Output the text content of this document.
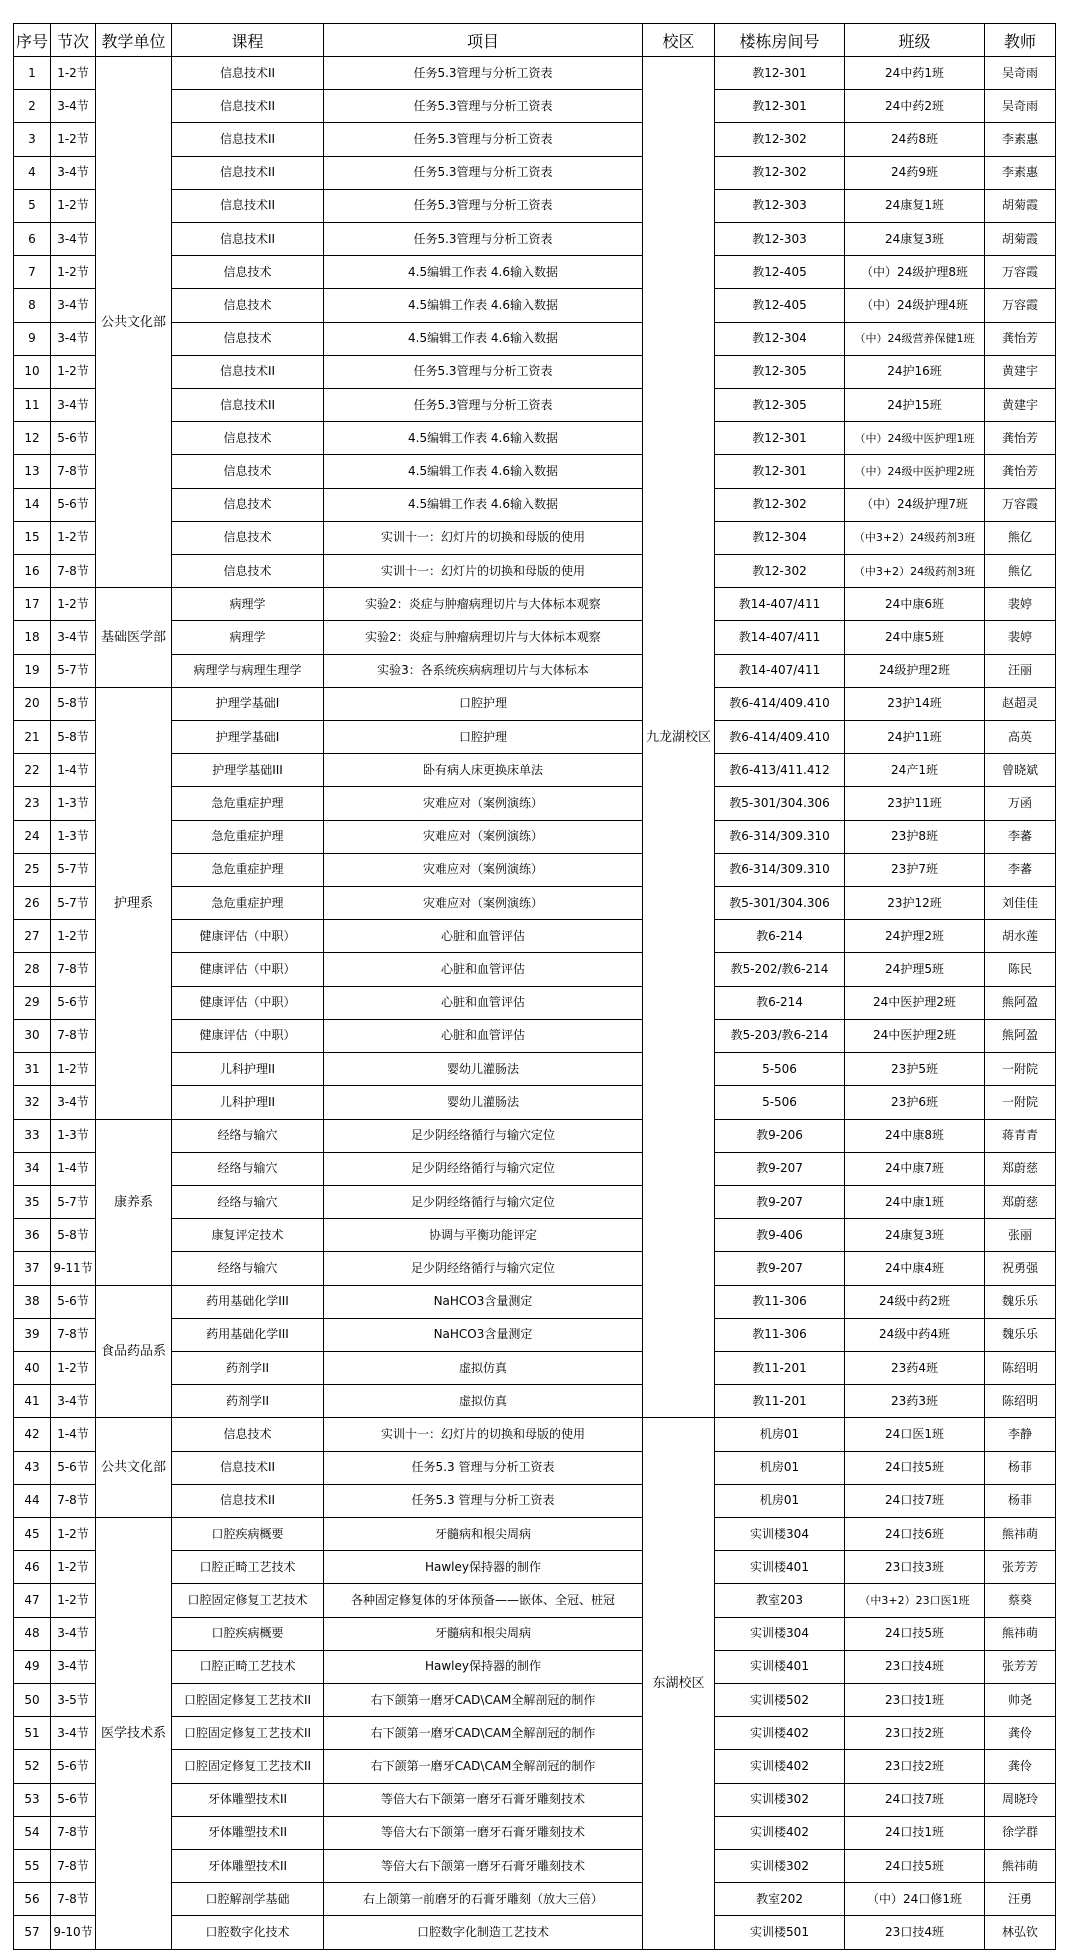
序号	节次	教学单位	课程	项目	校区	楼栋房间号	班级	教师
1	1-2节	公共文化部	信息技术II	任务5.3管理与分析工资表	九龙湖校区	教12-301	24中药1班	吴奇雨
2	3-4节		信息技术II	任务5.3管理与分析工资表		教12-301	24中药2班	吴奇雨
3	1-2节		信息技术II	任务5.3管理与分析工资表		教12-302	24药8班	李素惠
4	3-4节		信息技术II	任务5.3管理与分析工资表		教12-302	24药9班	李素惠
5	1-2节		信息技术II	任务5.3管理与分析工资表		教12-303	24康复1班	胡菊霞
6	3-4节		信息技术II	任务5.3管理与分析工资表		教12-303	24康复3班	胡菊霞
7	1-2节		信息技术	4.5编辑工作表 4.6输入数据		教12-405	（中）24级护理8班	万容霞
8	3-4节		信息技术	4.5编辑工作表 4.6输入数据		教12-405	（中）24级护理4班	万容霞
9	3-4节		信息技术	4.5编辑工作表 4.6输入数据		教12-304	（中）24级营养保健1班	龚怡芳
10	1-2节		信息技术II	任务5.3管理与分析工资表		教12-305	24护16班	黄建宇
11	3-4节		信息技术II	任务5.3管理与分析工资表		教12-305	24护15班	黄建宇
12	5-6节		信息技术	4.5编辑工作表 4.6输入数据		教12-301	（中）24级中医护理1班	龚怡芳
13	7-8节		信息技术	4.5编辑工作表 4.6输入数据		教12-301	（中）24级中医护理2班	龚怡芳
14	5-6节		信息技术	4.5编辑工作表 4.6输入数据		教12-302	（中）24级护理7班	万容霞
15	1-2节		信息技术	实训十一：幻灯片的切换和母版的使用		教12-304	（中3+2）24级药剂3班	熊亿
16	7-8节		信息技术	实训十一：幻灯片的切换和母版的使用		教12-302	（中3+2）24级药剂3班	熊亿
17	1-2节	基础医学部	病理学	实验2：炎症与肿瘤病理切片与大体标本观察		教14-407/411	24中康6班	裴婷
18	3-4节		病理学	实验2：炎症与肿瘤病理切片与大体标本观察		教14-407/411	24中康5班	裴婷
19	5-7节		病理学与病理生理学	实验3：各系统疾病病理切片与大体标本		教14-407/411	24级护理2班	汪丽
20	5-8节	护理系	护理学基础I	口腔护理		教6-414/409.410	23护14班	赵超灵
21	5-8节		护理学基础I	口腔护理		教6-414/409.410	24护11班	高英
22	1-4节		护理学基础III	卧有病人床更换床单法		教6-413/411.412	24产1班	曾晓斌
23	1-3节		急危重症护理	灾难应对（案例演练）		教5-301/304.306	23护11班	万函
24	1-3节		急危重症护理	灾难应对（案例演练）		教6-314/309.310	23护8班	李蕃
25	5-7节		急危重症护理	灾难应对（案例演练）		教6-314/309.310	23护7班	李蕃
26	5-7节		急危重症护理	灾难应对（案例演练）		教5-301/304.306	23护12班	刘佳佳
27	1-2节		健康评估（中职）	心脏和血管评估		教6-214	24护理2班	胡水莲
28	7-8节		健康评估（中职）	心脏和血管评估		教5-202/教6-214	24护理5班	陈民
29	5-6节		健康评估（中职）	心脏和血管评估		教6-214	24中医护理2班	熊阿盈
30	7-8节		健康评估（中职）	心脏和血管评估		教5-203/教6-214	24中医护理2班	熊阿盈
31	1-2节		儿科护理II	婴幼儿灌肠法		5-506	23护5班	一附院
32	3-4节		儿科护理II	婴幼儿灌肠法		5-506	23护6班	一附院
33	1-3节	康养系	经络与输穴	足少阴经络循行与输穴定位		教9-206	24中康8班	蒋青青
34	1-4节		经络与输穴	足少阴经络循行与输穴定位		教9-207	24中康7班	郑蔚慈
35	5-7节		经络与输穴	足少阴经络循行与输穴定位		教9-207	24中康1班	郑蔚慈
36	5-8节		康复评定技术	协调与平衡功能评定		教9-406	24康复3班	张丽
37	9-11节		经络与输穴	足少阴经络循行与输穴定位		教9-207	24中康4班	祝勇强
38	5-6节	食品药品系	药用基础化学III	NaHCO3含量测定		教11-306	24级中药2班	魏乐乐
39	7-8节		药用基础化学III	NaHCO3含量测定		教11-306	24级中药4班	魏乐乐
40	1-2节		药剂学II	虚拟仿真		教11-201	23药4班	陈绍明
41	3-4节		药剂学II	虚拟仿真		教11-201	23药3班	陈绍明
42	1-4节	公共文化部	信息技术	实训十一：幻灯片的切换和母版的使用	东湖校区	机房01	24口医1班	李静
43	5-6节		信息技术II	任务5.3 管理与分析工资表		机房01	24口技5班	杨菲
44	7-8节		信息技术II	任务5.3 管理与分析工资表		机房01	24口技7班	杨菲
45	1-2节	医学技术系	口腔疾病概要	牙髓病和根尖周病		实训楼304	24口技6班	熊祎萌
46	1-2节		口腔正畸工艺技术	Hawley保持器的制作		实训楼401	23口技3班	张芳芳
47	1-2节		口腔固定修复工艺技术	各种固定修复体的牙体预备——嵌体、全冠、桩冠		教室203	（中3+2）23口医1班	蔡葵
48	3-4节		口腔疾病概要	牙髓病和根尖周病		实训楼304	24口技5班	熊祎萌
49	3-4节		口腔正畸工艺技术	Hawley保持器的制作		实训楼401	23口技4班	张芳芳
50	3-5节		口腔固定修复工艺技术II	右下颌第一磨牙CAD\CAM全解剖冠的制作		实训楼502	23口技1班	帅尧
51	3-4节		口腔固定修复工艺技术II	右下颌第一磨牙CAD\CAM全解剖冠的制作		实训楼402	23口技2班	龚伶
52	5-6节		口腔固定修复工艺技术II	右下颌第一磨牙CAD\CAM全解剖冠的制作		实训楼402	23口技2班	龚伶
53	5-6节		牙体雕塑技术II	等倍大右下颌第一磨牙石膏牙雕刻技术		实训楼302	24口技7班	周晓玲
54	7-8节		牙体雕塑技术II	等倍大右下颌第一磨牙石膏牙雕刻技术		实训楼402	24口技1班	徐学群
55	7-8节		牙体雕塑技术II	等倍大右下颌第一磨牙石膏牙雕刻技术		实训楼302	24口技5班	熊祎萌
56	7-8节		口腔解剖学基础	右上颌第一前磨牙的石膏牙雕刻（放大三倍）		教室202	（中）24口修1班	汪勇
57	9-10节		口腔数字化技术	口腔数字化制造工艺技术		实训楼501	23口技4班	林弘钦
